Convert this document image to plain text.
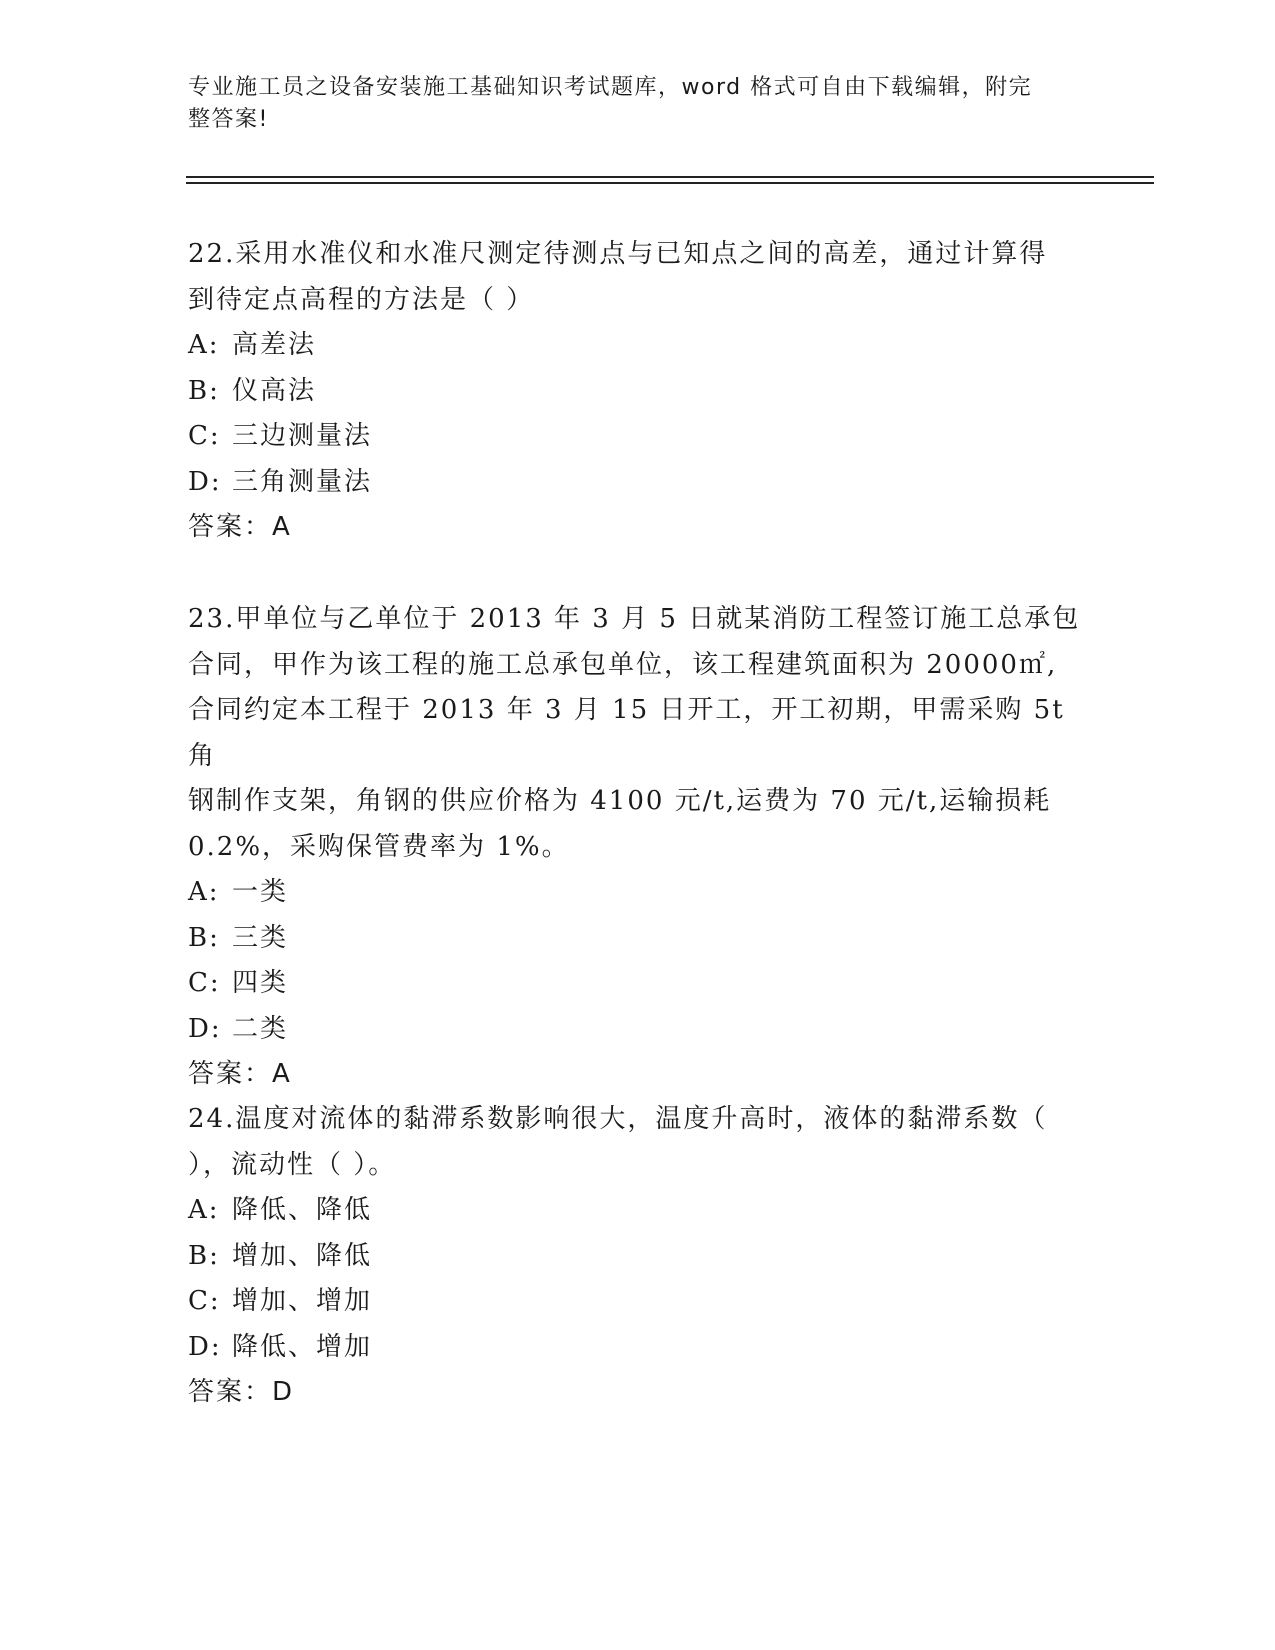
专业施工员之设备安装施工基础知识考试题库，word 格式可自由下载编辑，附完
整答案!

22.采用水准仪和水准尺测定待测点与已知点之间的高差，通过计算得

到待定点高程的方法是（ ）

A: 高差法

B: 仪高法

C: 三边测量法

D: 三角测量法

答案：A

23.甲单位与乙单位于 2013 年 3 月 5 日就某消防工程签订施工总承包

合同，甲作为该工程的施工总承包单位，该工程建筑面积为 20000㎡,

合同约定本工程于 2013 年 3 月 15 日开工，开工初期，甲需采购 5t 角

钢制作支架，角钢的供应价格为 4100 元/t,运费为 70 元/t,运输损耗

0.2%，采购保管费率为 1%。

A: 一类

B: 三类

C: 四类

D: 二类

答案：A

24.温度对流体的黏滞系数影响很大，温度升高时，液体的黏滞系数（

），流动性（ ）。

A: 降低、降低

B: 增加、降低

C: 增加、增加

D: 降低、增加

答案：D
